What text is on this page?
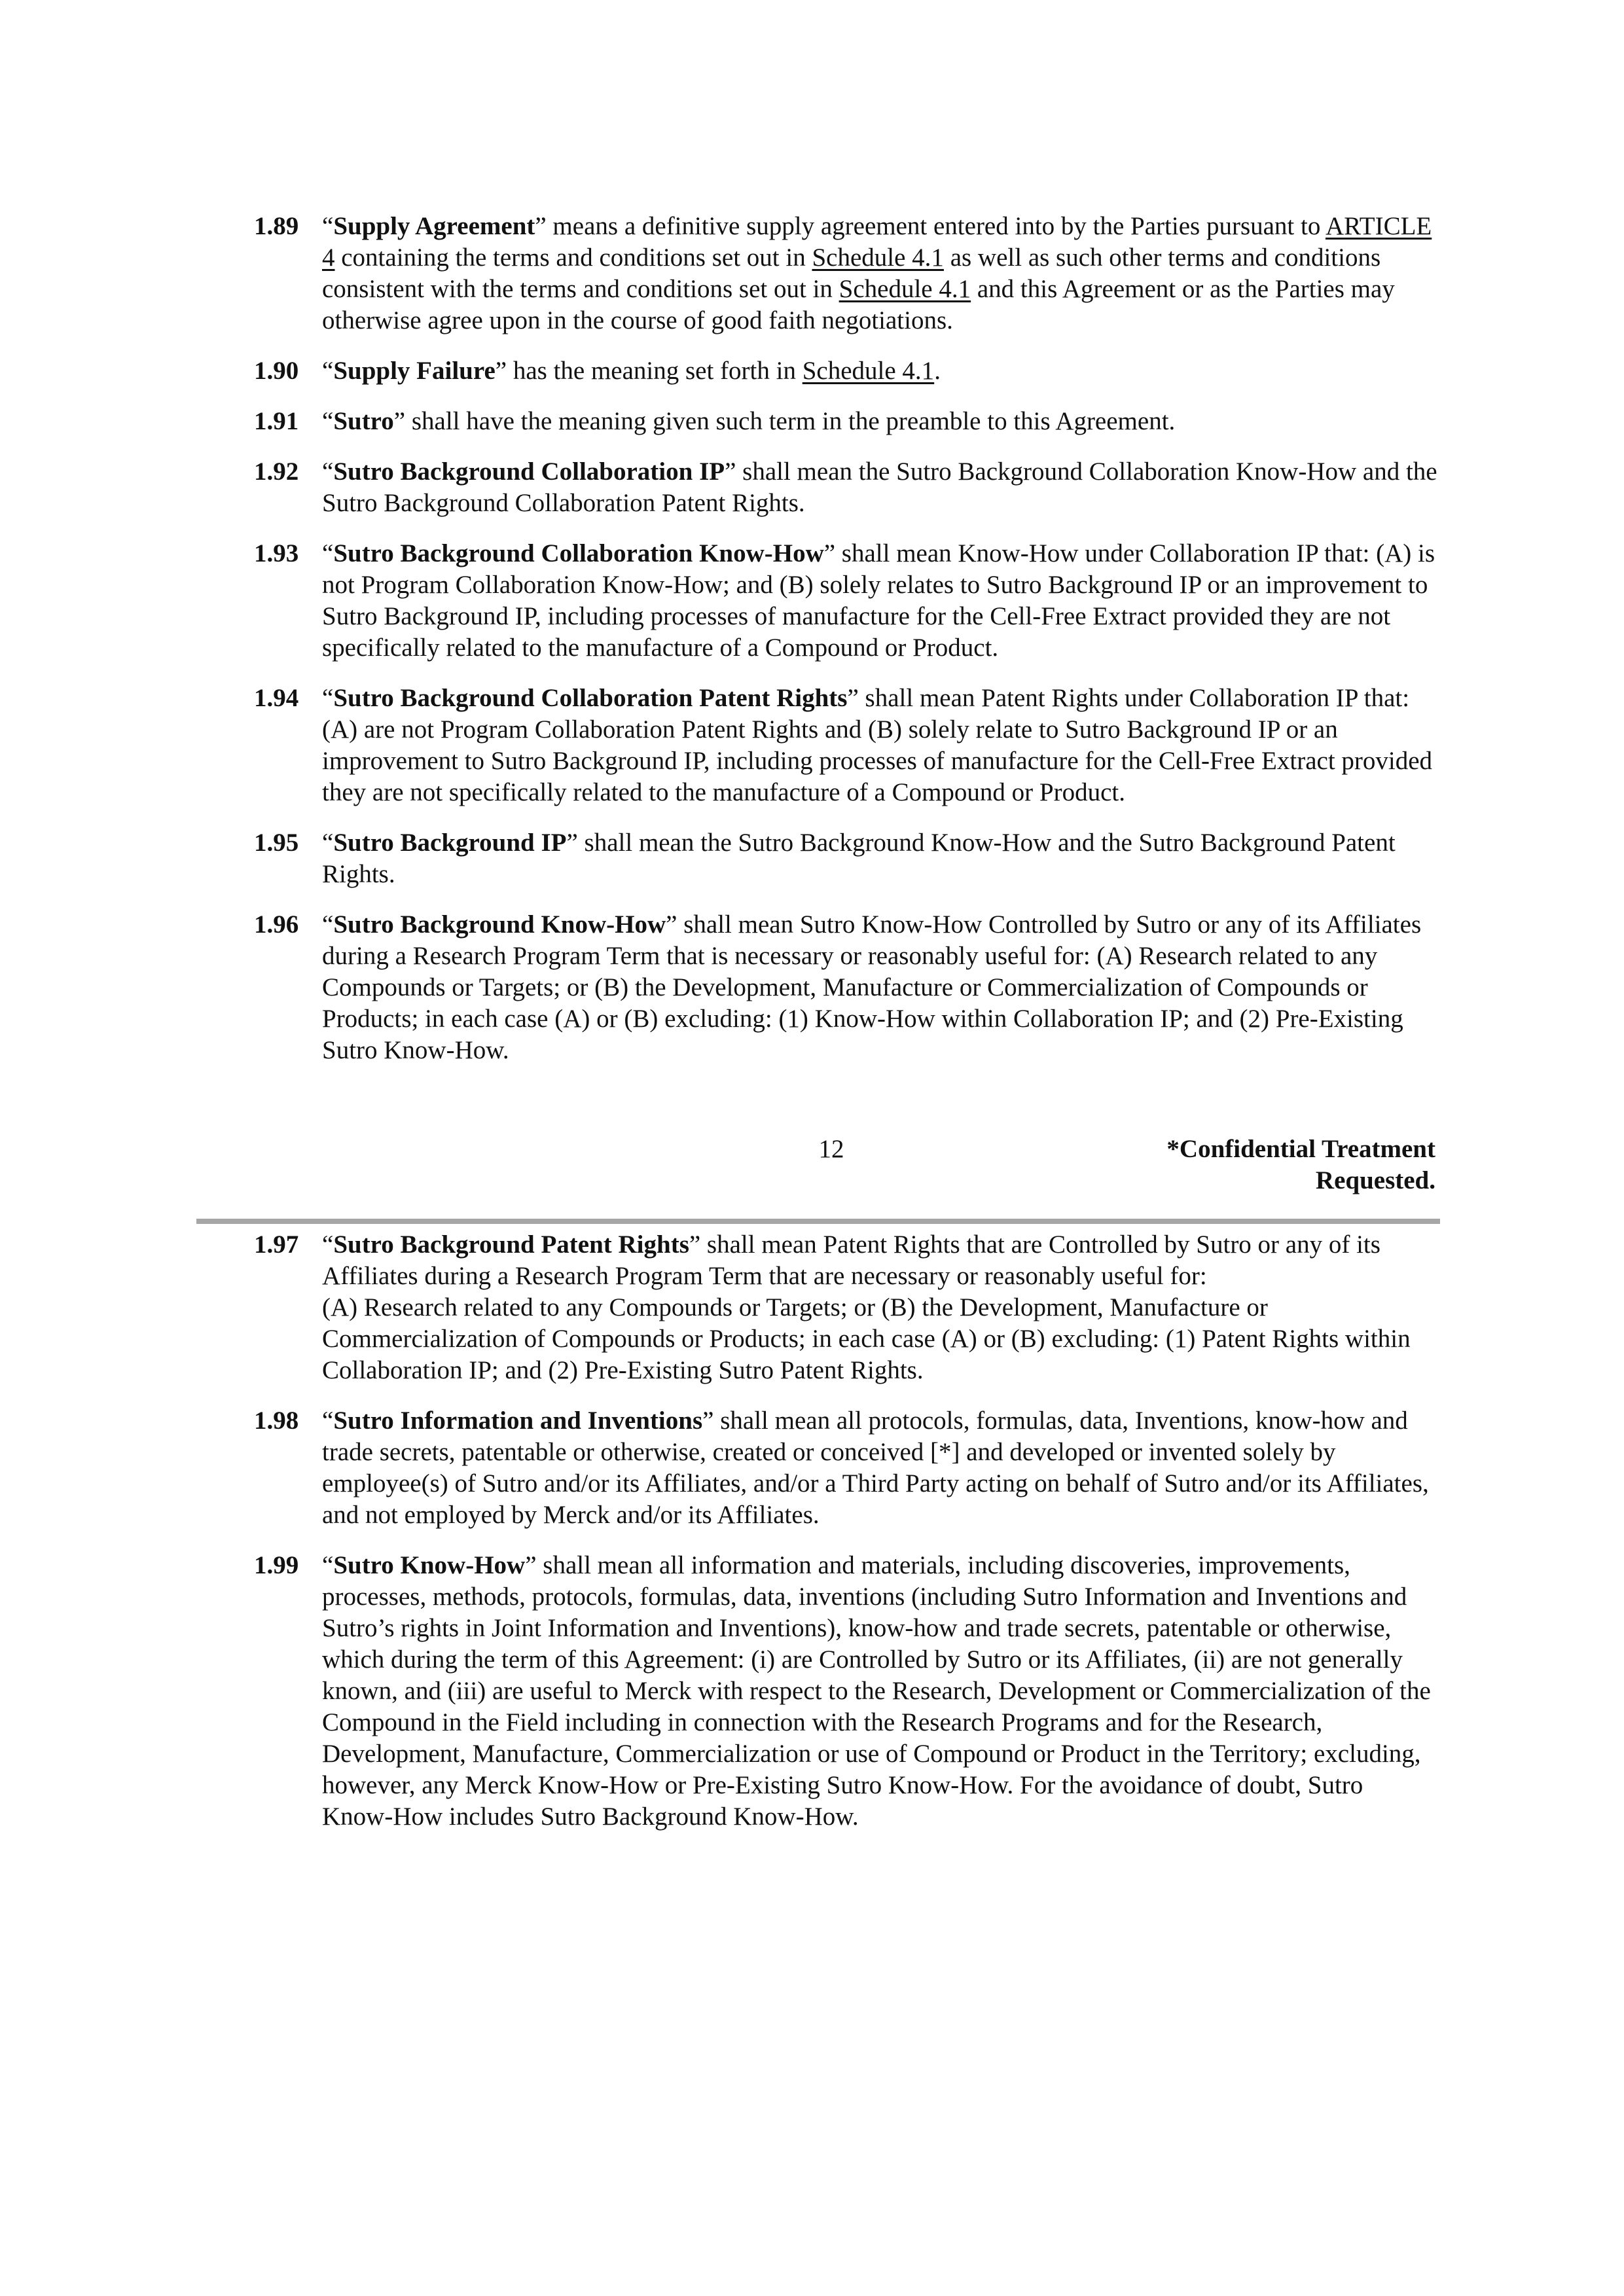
1.89 “Supply Agreement” means a definitive supply agreement entered into by the Parties pursuant to ARTICLE 4 containing the terms and conditions set out in Schedule 4.1 as well as such other terms and conditions consistent with the terms and conditions set out in Schedule 4.1 and this Agreement or as the Parties may otherwise agree upon in the course of good faith negotiations.
1.90 “Supply Failure” has the meaning set forth in Schedule 4.1.
1.91 “Sutro” shall have the meaning given such term in the preamble to this Agreement.
1.92 “Sutro Background Collaboration IP” shall mean the Sutro Background Collaboration Know-How and the Sutro Background Collaboration Patent Rights.
1.93 “Sutro Background Collaboration Know-How” shall mean Know-How under Collaboration IP that: (A) is not Program Collaboration Know-How; and (B) solely relates to Sutro Background IP or an improvement to Sutro Background IP, including processes of manufacture for the Cell-Free Extract provided they are not specifically related to the manufacture of a Compound or Product.
1.94 “Sutro Background Collaboration Patent Rights” shall mean Patent Rights under Collaboration IP that: (A) are not Program Collaboration Patent Rights and (B) solely relate to Sutro Background IP or an improvement to Sutro Background IP, including processes of manufacture for the Cell-Free Extract provided they are not specifically related to the manufacture of a Compound or Product.
1.95 “Sutro Background IP” shall mean the Sutro Background Know-How and the Sutro Background Patent Rights.
1.96 “Sutro Background Know-How” shall mean Sutro Know-How Controlled by Sutro or any of its Affiliates during a Research Program Term that is necessary or reasonably useful for: (A) Research related to any Compounds or Targets; or (B) the Development, Manufacture or Commercialization of Compounds or Products; in each case (A) or (B) excluding: (1) Know-How within Collaboration IP; and (2) Pre-Existing Sutro Know-How.
12	*Confidential Treatment
Requested.
1.97 “Sutro Background Patent Rights” shall mean Patent Rights that are Controlled by Sutro or any of its Affiliates during a Research Program Term that are necessary or reasonably useful for:
(A) Research related to any Compounds or Targets; or (B) the Development, Manufacture or Commercialization of Compounds or Products; in each case (A) or (B) excluding: (1) Patent Rights within Collaboration IP; and (2) Pre-Existing Sutro Patent Rights.
1.98 “Sutro Information and Inventions” shall mean all protocols, formulas, data, Inventions, know-how and trade secrets, patentable or otherwise, created or conceived [*] and developed or invented solely by employee(s) of Sutro and/or its Affiliates, and/or a Third Party acting on behalf of Sutro and/or its Affiliates, and not employed by Merck and/or its Affiliates.
1.99 “Sutro Know-How” shall mean all information and materials, including discoveries, improvements, processes, methods, protocols, formulas, data, inventions (including Sutro Information and Inventions and Sutro’s rights in Joint Information and Inventions), know-how and trade secrets, patentable or otherwise, which during the term of this Agreement: (i) are Controlled by Sutro or its Affiliates, (ii) are not generally known, and (iii) are useful to Merck with respect to the Research, Development or Commercialization of the Compound in the Field including in connection with the Research Programs and for the Research, Development, Manufacture, Commercialization or use of Compound or Product in the Territory; excluding, however, any Merck Know-How or Pre-Existing Sutro Know-How. For the avoidance of doubt, Sutro Know-How includes Sutro Background Know-How.
